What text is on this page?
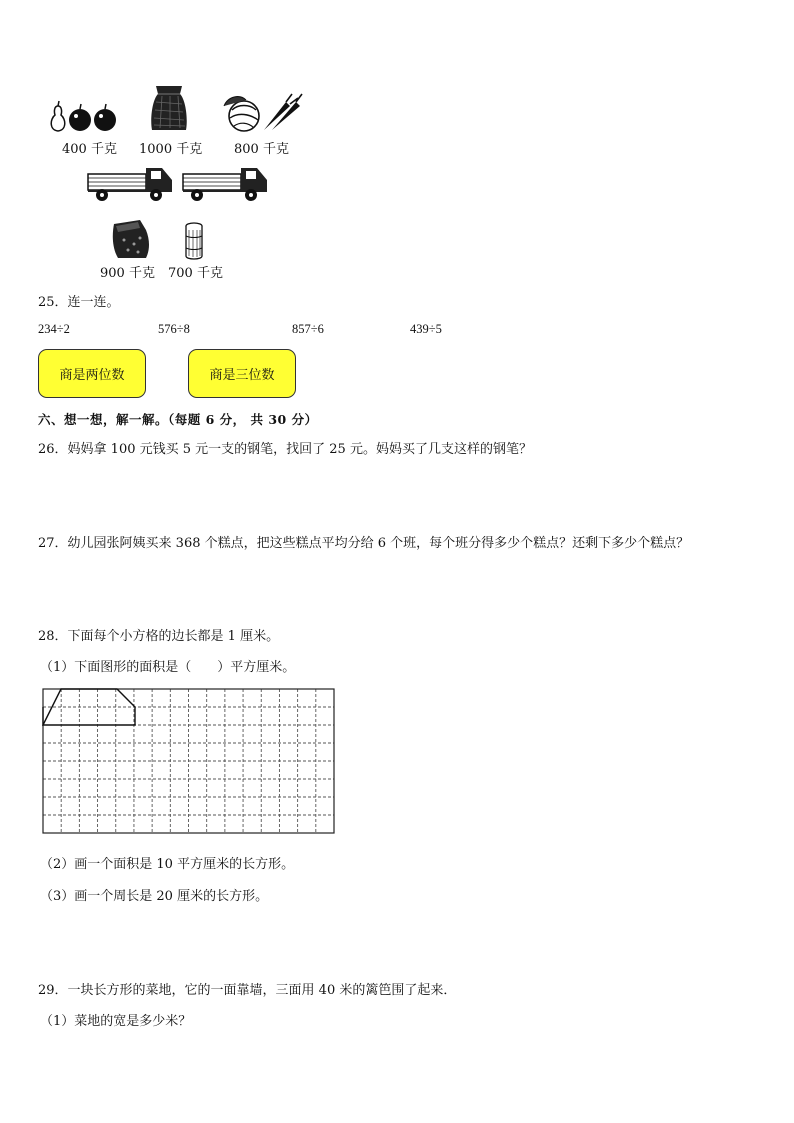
400 千克 1000 千克 800 千克
900 千克 700 千克
25．连一连。
234÷2	576÷8	857÷6	439÷5
商是两位数	商是三位数
六、想一想，解一解。（每题 6 分， 共 30 分）
26．妈妈拿 100 元钱买 5 元一支的钢笔，找回了 25 元。妈妈买了几支这样的钢笔？
27．幼儿园张阿姨买来 368 个糕点，把这些糕点平均分给 6 个班，每个班分得多少个糕点？还剩下多少个糕点？
28．下面每个小方格的边长都是 1 厘米。
（1）下面图形的面积是（　　）平方厘米。
（2）画一个面积是 10 平方厘米的长方形。
（3）画一个周长是 20 厘米的长方形。
29．一块长方形的菜地，它的一面靠墙，三面用 40 米的篱笆围了起来．
（1）菜地的宽是多少米？
